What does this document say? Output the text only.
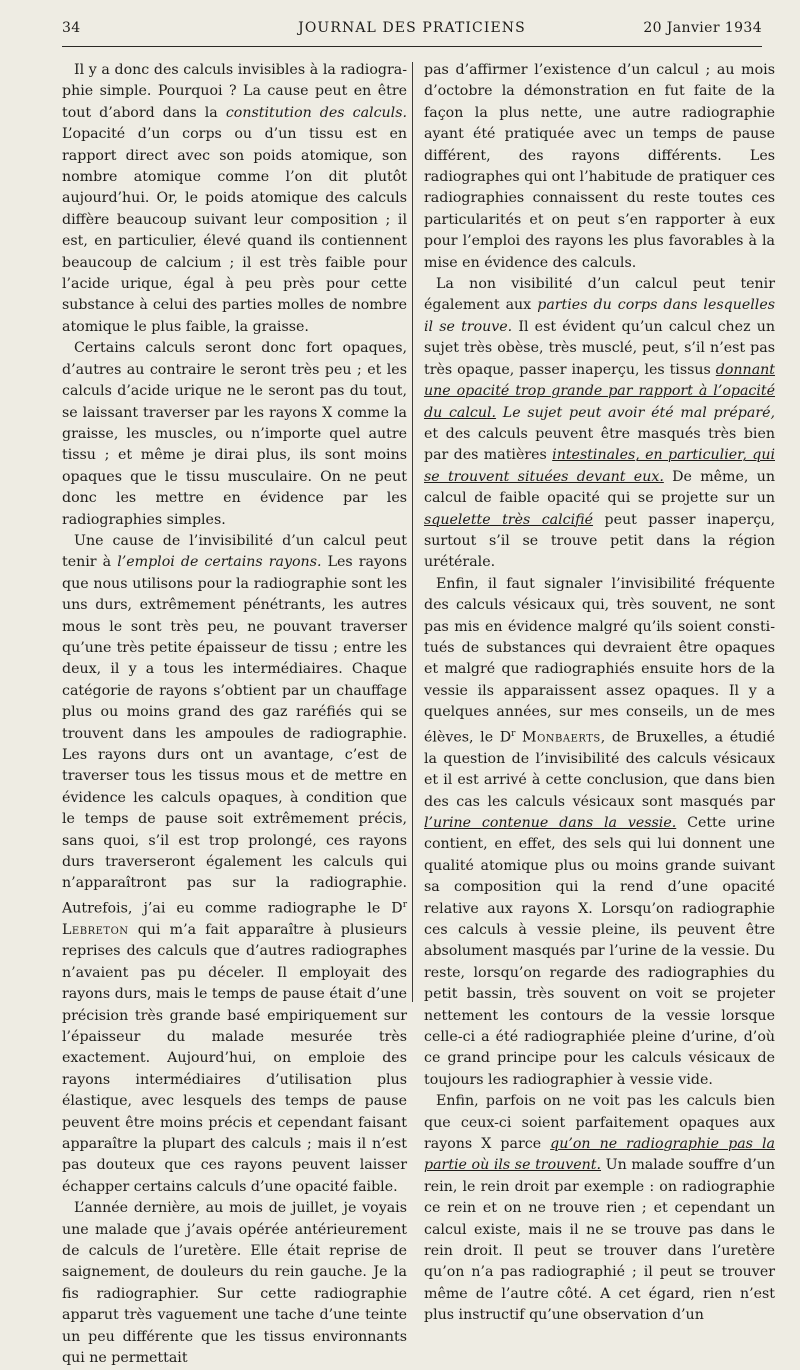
34	JOURNAL DES PRATICIENS	20 Janvier 1934

Il y a donc des calculs invisibles à la radiographie simple. Pourquoi ? La cause peut en être tout d’abord dans la constitution des calculs. L’opacité d’un corps ou d’un tissu est en rapport direct avec son poids atomique, son nombre atomique comme l’on dit plutôt aujourd’hui. Or, le poids atomique des calculs diffère beaucoup suivant leur composition ; il est, en particulier, élevé quand ils contiennent beaucoup de calcium ; il est très faible pour l’acide urique, égal à peu près pour cette substance à celui des parties molles de nombre atomique le plus faible, la graisse.

Certains calculs seront donc fort opaques, d’autres au contraire le seront très peu ; et les calculs d’acide urique ne le seront pas du tout, se laissant traverser par les rayons X comme la graisse, les muscles, ou n’importe quel autre tissu ; et même je dirai plus, ils sont moins opaques que le tissu musculaire. On ne peut donc les mettre en évidence par les radiographies simples.

Une cause de l’invisibilité d’un calcul peut tenir à l’emploi de certains rayons. Les rayons que nous utilisons pour la radiographie sont les uns durs, extrêmement pénétrants, les autres mous le sont très peu, ne pouvant traverser qu’une très petite épaisseur de tissu ; entre les deux, il y a tous les intermédiaires. Chaque catégorie de rayons s’obtient par un chauffage plus ou moins grand des gaz raréfiés qui se trouvent dans les ampoules de radiographie. Les rayons durs ont un avantage, c’est de traverser tous les tissus mous et de mettre en évidence les calculs opaques, à condition que le temps de pause soit extrêmement précis, sans quoi, s’il est trop prolongé, ces rayons durs traverseront également les calculs qui n’apparaîtront pas sur la radiographie. Autrefois, j’ai eu comme radiographe le $D^r$ Lebreton qui m’a fait apparaître à plusieurs reprises des calculs que d’autres radiographes n’avaient pas pu déceler. Il employait des rayons durs, mais le temps de pause était d’une précision très grande basé empiriquement sur l’épaisseur du malade mesurée très exactement. Aujourd’hui, on emploie des rayons intermédiaires d’utilisation plus élastique, avec lesquels des temps de pause peuvent être moins précis et cependant faisant apparaître la plupart des calculs ; mais il n’est pas douteux que ces rayons peuvent laisser échapper certains calculs d’une opacité faible.

L’année dernière, au mois de juillet, je voyais une malade que j’avais opérée antérieurement de calculs de l’uretère. Elle était reprise de saignement, de douleurs du rein gauche. Je la fis radiographier. Sur cette radiographie apparut très vaguement une tache d’une teinte un peu différente que les tissus environnants qui ne permettait

pas d’affirmer l’existence d’un calcul ; au mois d’octobre la démonstration en fut faite de la façon la plus nette, une autre radiographie ayant été pratiquée avec un temps de pause différent, des rayons différents. Les radiographes qui ont l’habitude de pratiquer ces radiographies connaissent du reste toutes ces particularités et on peut s’en rapporter à eux pour l’emploi des rayons les plus favorables à la mise en évidence des calculs.

La non visibilité d’un calcul peut tenir également aux parties du corps dans lesquelles il se trouve. Il est évident qu’un calcul chez un sujet très obèse, très musclé, peut, s’il n’est pas très opaque, passer inaperçu, les tissus donnant une opacité trop grande par rapport à l’opacité du calcul. Le sujet peut avoir été mal préparé, et des calculs peuvent être masqués très bien par des matières intestinales, en particulier, qui se trouvent situées devant eux. De même, un calcul de faible opacité qui se projette sur un squelette très calcifié peut passer inaperçu, surtout s’il se trouve petit dans la région urétérale.

Enfin, il faut signaler l’invisibilité fréquente des calculs vésicaux qui, très souvent, ne sont pas mis en évidence malgré qu’ils soient constitués de substances qui devraient être opaques et malgré que radiographiés ensuite hors de la vessie ils apparaissent assez opaques. Il y a quelques années, sur mes conseils, un de mes élèves, le $D^r$ Monbaerts, de Bruxelles, a étudié la question de l’invisibilité des calculs vésicaux et il est arrivé à cette conclusion, que dans bien des cas les calculs vésicaux sont masqués par l’urine contenue dans la vessie. Cette urine contient, en effet, des sels qui lui donnent une qualité atomique plus ou moins grande suivant sa composition qui la rend d’une opacité relative aux rayons X. Lorsqu’on radiographie ces calculs à vessie pleine, ils peuvent être absolument masqués par l’urine de la vessie. Du reste, lorsqu’on regarde des radiographies du petit bassin, très souvent on voit se projeter nettement les contours de la vessie lorsque celle-ci a été radiographiée pleine d’urine, d’où ce grand principe pour les calculs vésicaux de toujours les radiographier à vessie vide.

Enfin, parfois on ne voit pas les calculs bien que ceux-ci soient parfaitement opaques aux rayons X parce qu’on ne radiographie pas la partie où ils se trouvent. Un malade souffre d’un rein, le rein droit par exemple : on radiographie ce rein et on ne trouve rien ; et cependant un calcul existe, mais il ne se trouve pas dans le rein droit. Il peut se trouver dans l’uretère qu’on n’a pas radiographié ; il peut se trouver même de l’autre côté. A cet égard, rien n’est plus instructif qu’une observation d’un
